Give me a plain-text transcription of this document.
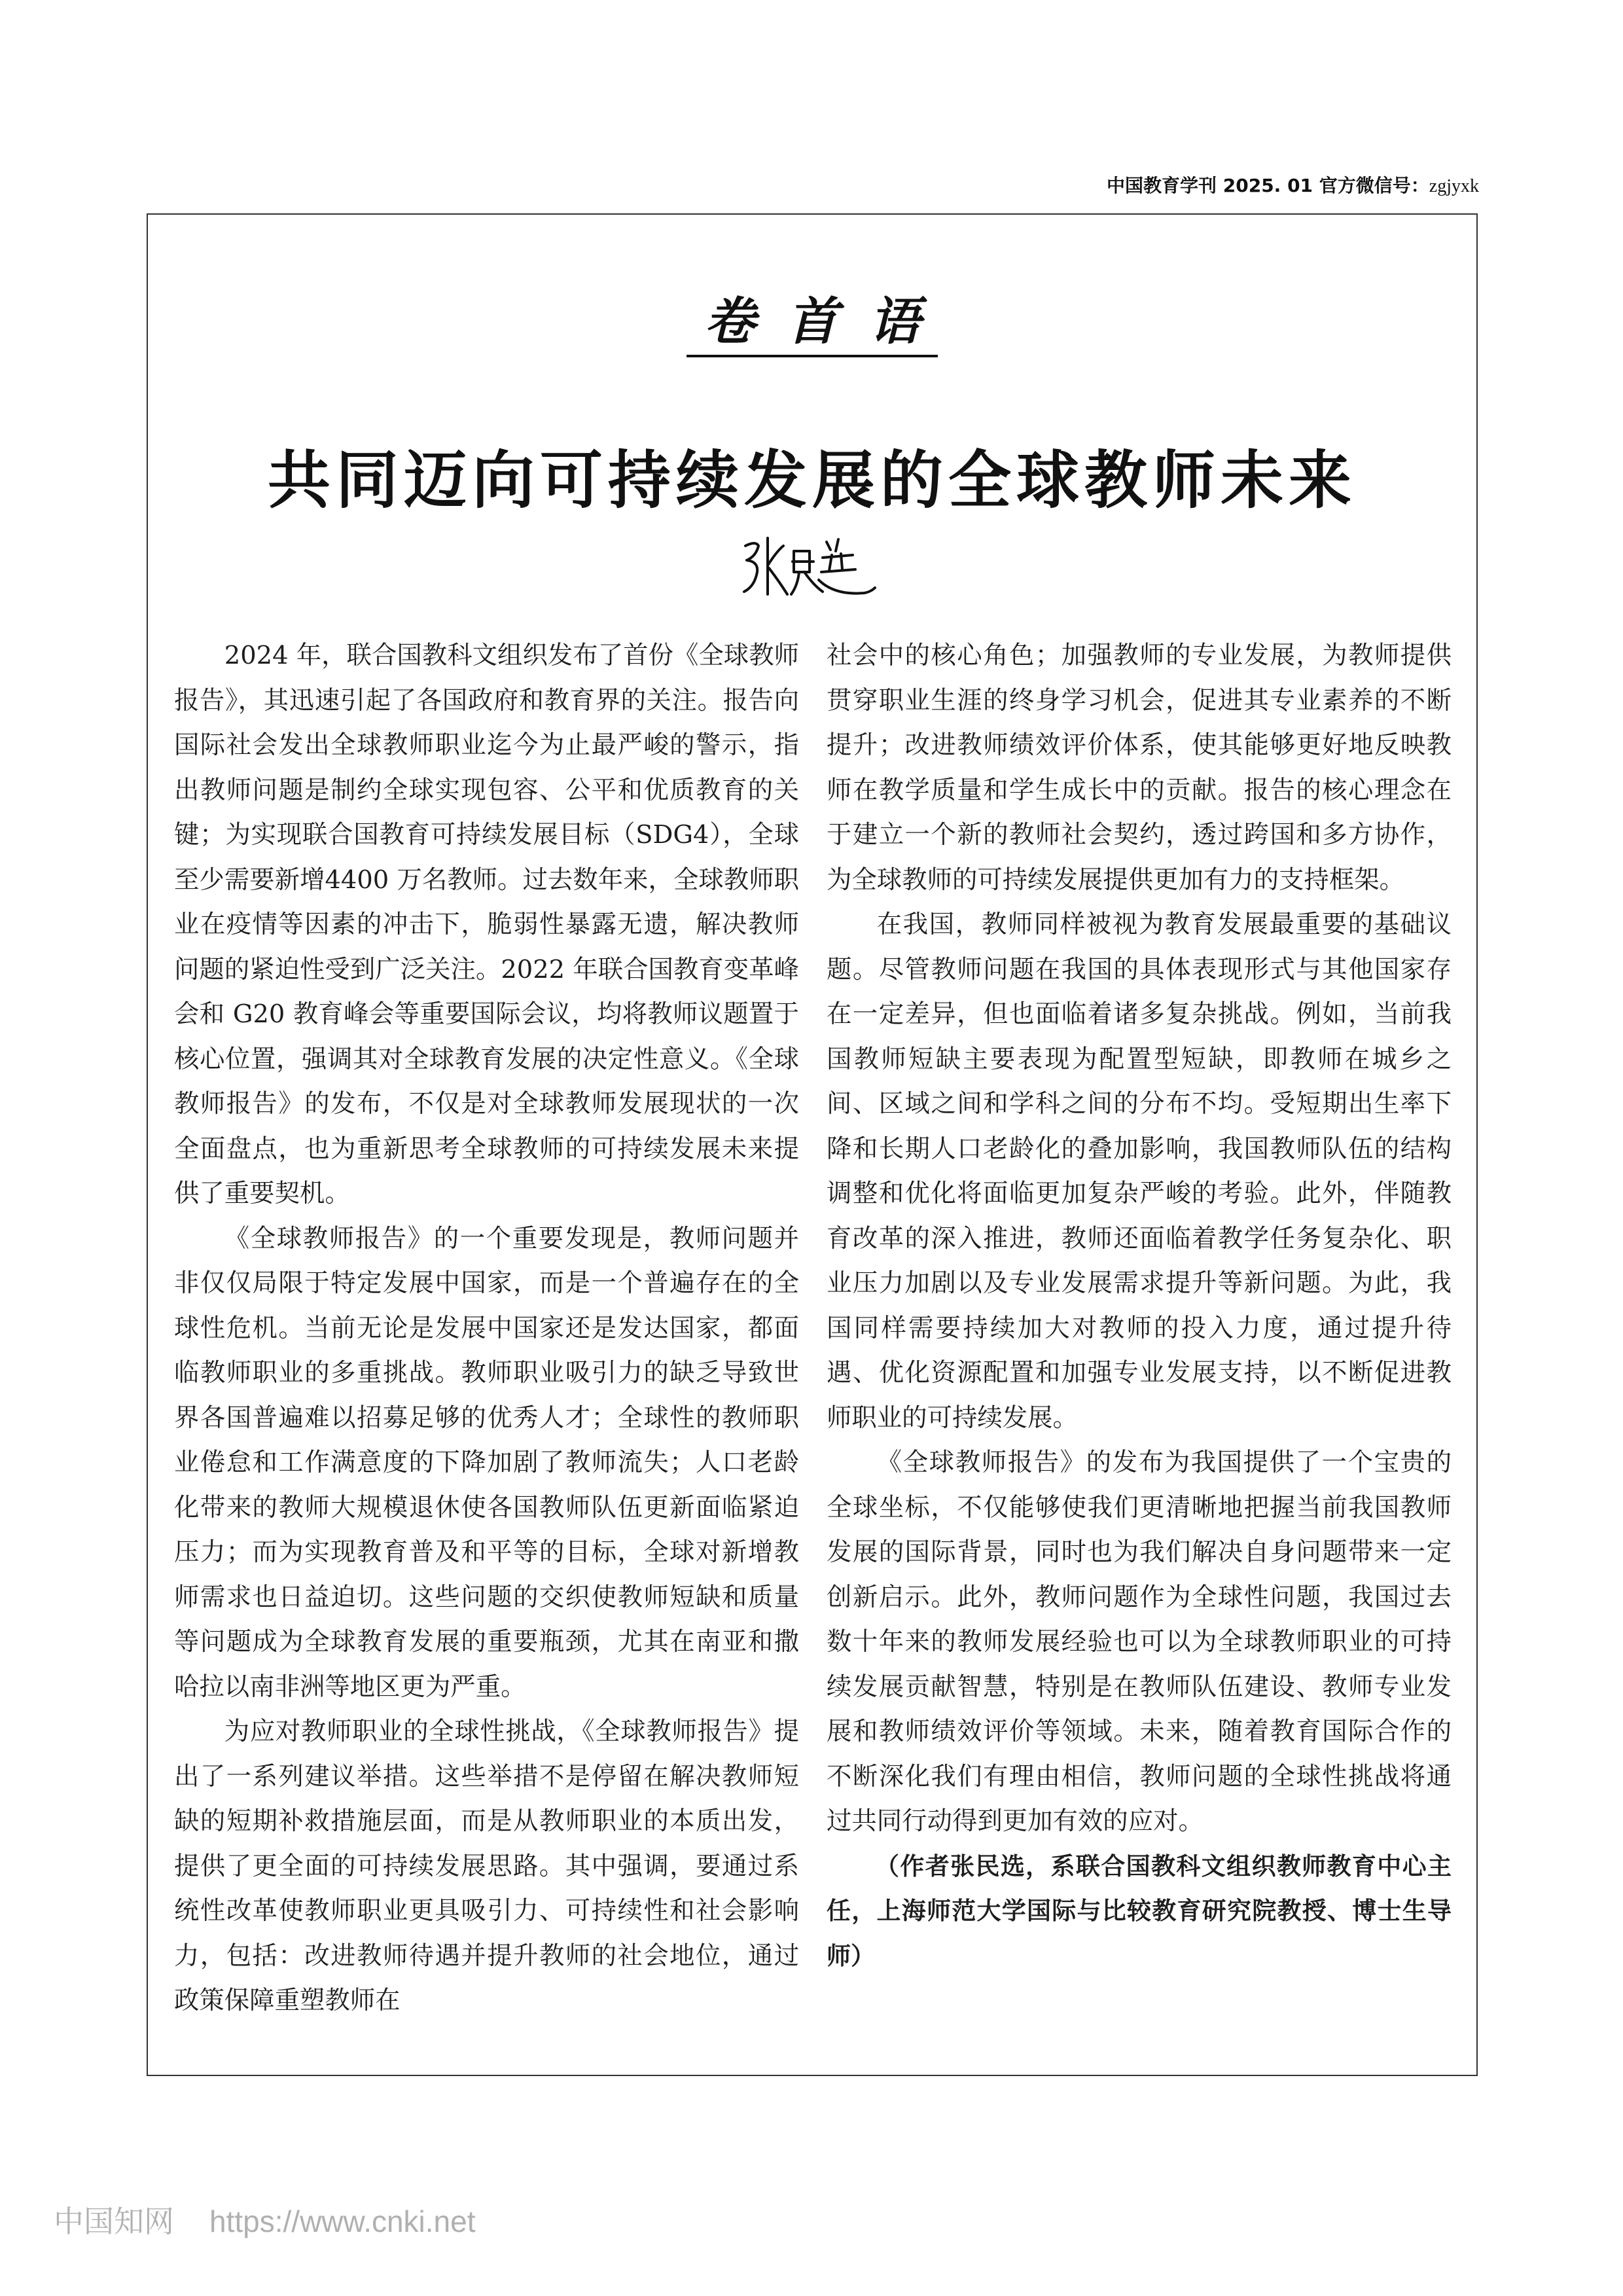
中国教育学刊 2025. 01 官方微信号：zgjyxk
卷首语
共同迈向可持续发展的全球教师未来

2024 年，联合国教科文组织发布了首份《全球教师报告》，其迅速引起了各国政府和教育界的关注。报告向国际社会发出全球教师职业迄今为止最严峻的警示，指出教师问题是制约全球实现包容、公平和优质教育的关键；为实现联合国教育可持续发展目标（SDG4），全球至少需要新增4400 万名教师。过去数年来，全球教师职业在疫情等因素的冲击下，脆弱性暴露无遗，解决教师问题的紧迫性受到广泛关注。2022 年联合国教育变革峰会和 G20 教育峰会等重要国际会议，均将教师议题置于核心位置，强调其对全球教育发展的决定性意义。《全球教师报告》的发布，不仅是对全球教师发展现状的一次全面盘点，也为重新思考全球教师的可持续发展未来提供了重要契机。

《全球教师报告》的一个重要发现是，教师问题并非仅仅局限于特定发展中国家，而是一个普遍存在的全球性危机。当前无论是发展中国家还是发达国家，都面临教师职业的多重挑战。教师职业吸引力的缺乏导致世界各国普遍难以招募足够的优秀人才；全球性的教师职业倦怠和工作满意度的下降加剧了教师流失；人口老龄化带来的教师大规模退休使各国教师队伍更新面临紧迫压力；而为实现教育普及和平等的目标，全球对新增教师需求也日益迫切。这些问题的交织使教师短缺和质量等问题成为全球教育发展的重要瓶颈，尤其在南亚和撒哈拉以南非洲等地区更为严重。

为应对教师职业的全球性挑战，《全球教师报告》提出了一系列建议举措。这些举措不是停留在解决教师短缺的短期补救措施层面，而是从教师职业的本质出发，提供了更全面的可持续发展思路。其中强调，要通过系统性改革使教师职业更具吸引力、可持续性和社会影响力，包括：改进教师待遇并提升教师的社会地位，通过政策保障重塑教师在

社会中的核心角色；加强教师的专业发展，为教师提供贯穿职业生涯的终身学习机会，促进其专业素养的不断提升；改进教师绩效评价体系，使其能够更好地反映教师在教学质量和学生成长中的贡献。报告的核心理念在于建立一个新的教师社会契约，透过跨国和多方协作，为全球教师的可持续发展提供更加有力的支持框架。

在我国，教师同样被视为教育发展最重要的基础议题。尽管教师问题在我国的具体表现形式与其他国家存在一定差异，但也面临着诸多复杂挑战。例如，当前我国教师短缺主要表现为配置型短缺，即教师在城乡之间、区域之间和学科之间的分布不均。受短期出生率下降和长期人口老龄化的叠加影响，我国教师队伍的结构调整和优化将面临更加复杂严峻的考验。此外，伴随教育改革的深入推进，教师还面临着教学任务复杂化、职业压力加剧以及专业发展需求提升等新问题。为此，我国同样需要持续加大对教师的投入力度，通过提升待遇、优化资源配置和加强专业发展支持，以不断促进教师职业的可持续发展。

《全球教师报告》的发布为我国提供了一个宝贵的全球坐标，不仅能够使我们更清晰地把握当前我国教师发展的国际背景，同时也为我们解决自身问题带来一定创新启示。此外，教师问题作为全球性问题，我国过去数十年来的教师发展经验也可以为全球教师职业的可持续发展贡献智慧，特别是在教师队伍建设、教师专业发展和教师绩效评价等领域。未来，随着教育国际合作的不断深化我们有理由相信，教师问题的全球性挑战将通过共同行动得到更加有效的应对。

（作者张民选，系联合国教科文组织教师教育中心主任，上海师范大学国际与比较教育研究院教授、博士生导师）

中国知网 https://www.cnki.net
